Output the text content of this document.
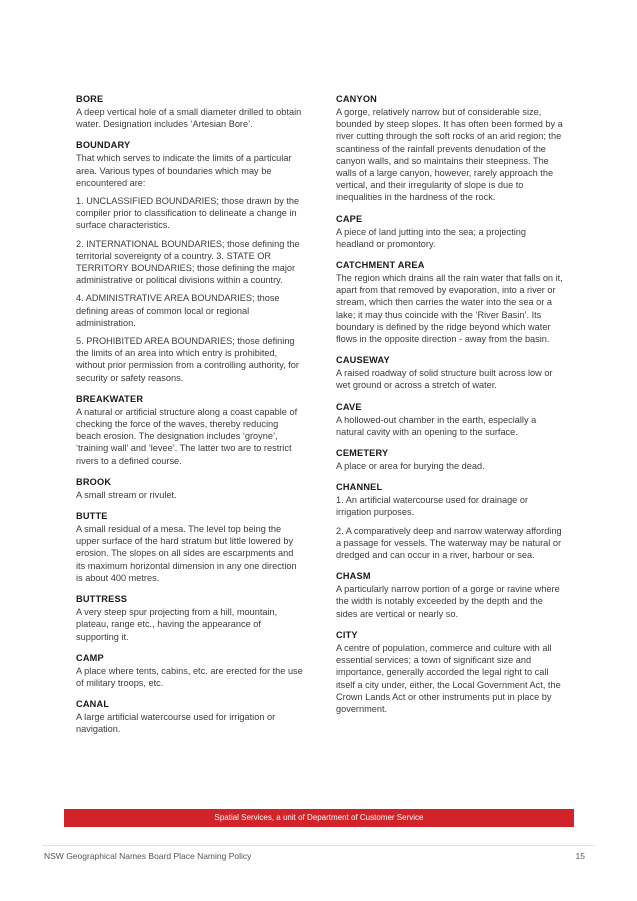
BORE

A deep vertical hole of a small diameter drilled to obtain water. Designation includes ‘Artesian Bore’.

BOUNDARY

That which serves to indicate the limits of a particular area. Various types of boundaries which may be encountered are:

1. UNCLASSIFIED BOUNDARIES; those drawn by the compiler prior to classification to delineate a change in surface characteristics.

2. INTERNATIONAL BOUNDARIES; those defining the territorial sovereignty of a country. 3. STATE OR TERRITORY BOUNDARIES; those defining the major administrative or political divisions within a country.

4. ADMINISTRATIVE AREA BOUNDARIES; those defining areas of common local or regional administration.

5. PROHIBITED AREA BOUNDARIES; those defining the limits of an area into which entry is prohibited, without prior permission from a controlling authority, for security or safety reasons.

BREAKWATER

A natural or artificial structure along a coast capable of checking the force of the waves, thereby reducing beach erosion. The designation includes ‘groyne’, ‘training wall’ and ‘levee’. The latter two are to restrict rivers to a defined course.

BROOK

A small stream or rivulet.

BUTTE

A small residual of a mesa. The level top being the upper surface of the hard stratum but little lowered by erosion. The slopes on all sides are escarpments and its maximum horizontal dimension in any one direction is about 400 metres.

BUTTRESS

A very steep spur projecting from a hill, mountain, plateau, range etc., having the appearance of supporting it.

CAMP

A place where tents, cabins, etc. are erected for the use of military troops, etc.

CANAL

A large artificial watercourse used for irrigation or navigation.

CANYON

A gorge, relatively narrow but of considerable size, bounded by steep slopes. It has often been formed by a river cutting through the soft rocks of an arid region; the scantiness of the rainfall prevents denudation of the canyon walls, and so maintains their steepness. The walls of a large canyon, however, rarely approach the vertical, and their irregularity of slope is due to inequalities in the hardness of the rock.

CAPE

A piece of land jutting into the sea; a projecting headland or promontory.

CATCHMENT AREA

The region which drains all the rain water that falls on it, apart from that removed by evaporation, into a river or stream, which then carries the water into the sea or a lake; it may thus coincide with the ‘River Basin’. Its boundary is defined by the ridge beyond which water flows in the opposite direction - away from the basin.

CAUSEWAY

A raised roadway of solid structure built across low or wet ground or across a stretch of water.

CAVE

A hollowed-out chamber in the earth, especially a natural cavity with an opening to the surface.

CEMETERY

A place or area for burying the dead.

CHANNEL

1. An artificial watercourse used for drainage or irrigation purposes.

2. A comparatively deep and narrow waterway affording a passage for vessels. The waterway may be natural or dredged and can occur in a river, harbour or sea.

CHASM

A particularly narrow portion of a gorge or ravine where the width is notably exceeded by the depth and the sides are vertical or nearly so.

CITY

A centre of population, commerce and culture with all essential services; a town of significant size and importance, generally accorded the legal right to call itself a city under, either, the Local Government Act, the Crown Lands Act or other instruments put in place by government.

Spatial Services, a unit of Department of Customer Service
NSW Geographical Names Board Place Naming Policy	15
